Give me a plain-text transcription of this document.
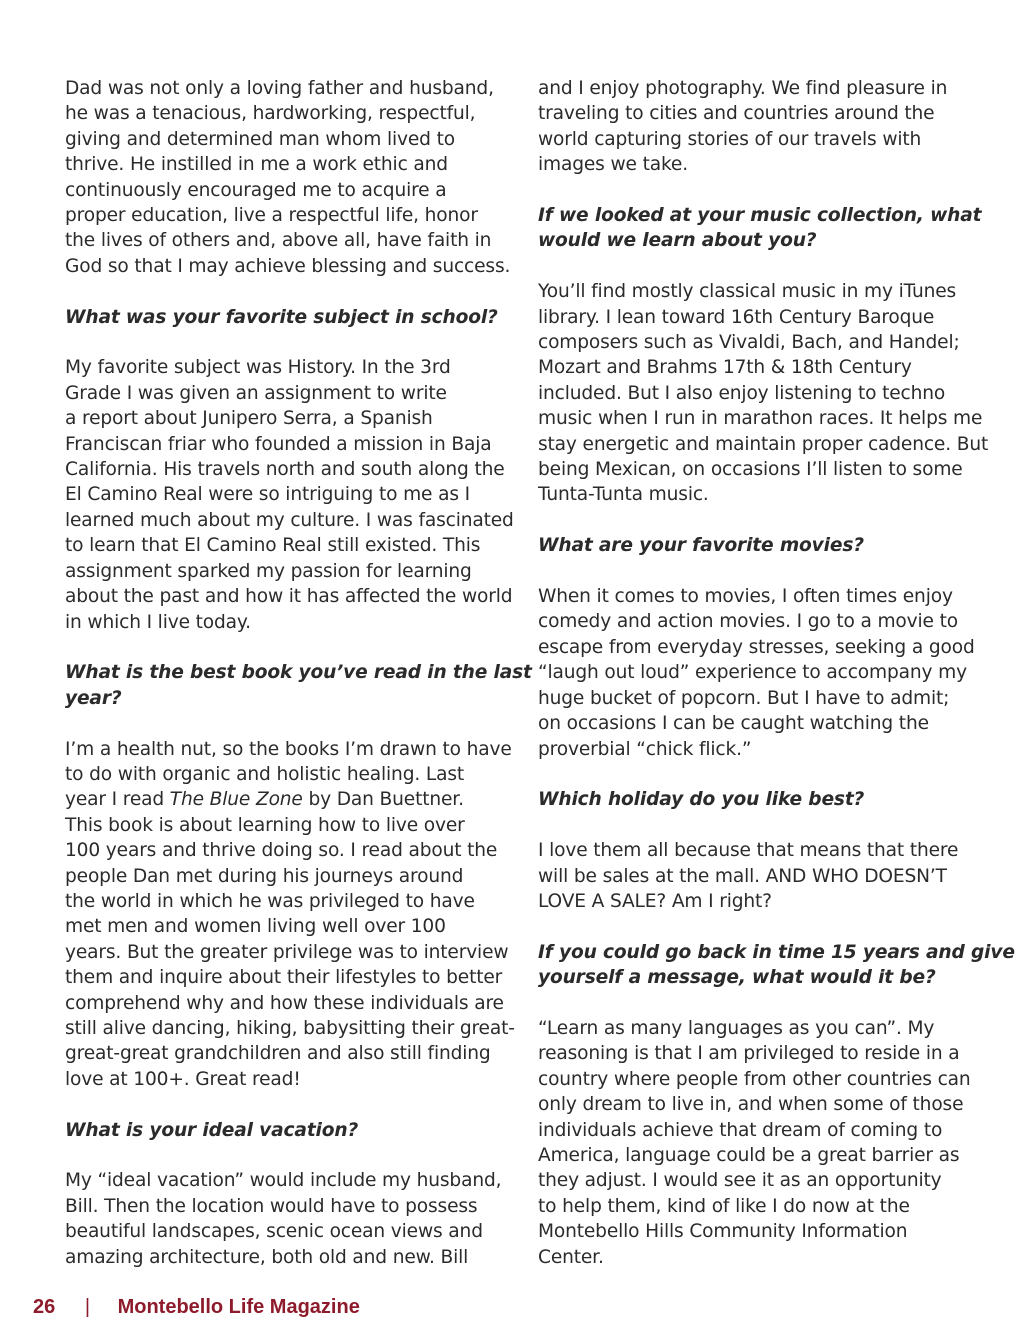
Dad was not only a loving father and husband,
he was a tenacious, hardworking, respectful,
giving and determined man whom lived to
thrive. He instilled in me a work ethic and
continuously encouraged me to acquire a
proper education, live a respectful life, honor
the lives of others and, above all, have faith in
God so that I may achieve blessing and success.
What was your favorite subject in school?
My favorite subject was History. In the 3rd
Grade I was given an assignment to write
a report about Junipero Serra, a Spanish
Franciscan friar who founded a mission in Baja
California. His travels north and south along the
El Camino Real were so intriguing to me as I
learned much about my culture. I was fascinated
to learn that El Camino Real still existed. This
assignment sparked my passion for learning
about the past and how it has affected the world
in which I live today.
What is the best book you’ve read in the last
year?
I’m a health nut, so the books I’m drawn to have
to do with organic and holistic healing. Last
year I read The Blue Zone by Dan Buettner.
This book is about learning how to live over
100 years and thrive doing so. I read about the
people Dan met during his journeys around
the world in which he was privileged to have
met men and women living well over 100
years. But the greater privilege was to interview
them and inquire about their lifestyles to better
comprehend why and how these individuals are
still alive dancing, hiking, babysitting their great-
great-great grandchildren and also still finding
love at 100+. Great read!
What is your ideal vacation?
My “ideal vacation” would include my husband,
Bill. Then the location would have to possess
beautiful landscapes, scenic ocean views and
amazing architecture, both old and new. Bill
and I enjoy photography. We find pleasure in
traveling to cities and countries around the
world capturing stories of our travels with
images we take.
If we looked at your music collection, what
would we learn about you?
You’ll find mostly classical music in my iTunes
library. I lean toward 16th Century Baroque
composers such as Vivaldi, Bach, and Handel;
Mozart and Brahms 17th & 18th Century
included. But I also enjoy listening to techno
music when I run in marathon races. It helps me
stay energetic and maintain proper cadence. But
being Mexican, on occasions I’ll listen to some
Tunta-Tunta music.
What are your favorite movies?
When it comes to movies, I often times enjoy
comedy and action movies. I go to a movie to
escape from everyday stresses, seeking a good
“laugh out loud” experience to accompany my
huge bucket of popcorn. But I have to admit;
on occasions I can be caught watching the
proverbial “chick flick.”
Which holiday do you like best?
I love them all because that means that there
will be sales at the mall. AND WHO DOESN’T
LOVE A SALE? Am I right?
If you could go back in time 15 years and give
yourself a message, what would it be?
“Learn as many languages as you can”. My
reasoning is that I am privileged to reside in a
country where people from other countries can
only dream to live in, and when some of those
individuals achieve that dream of coming to
America, language could be a great barrier as
they adjust. I would see it as an opportunity
to help them, kind of like I do now at the
Montebello Hills Community Information
Center.
26 | Montebello Life Magazine
